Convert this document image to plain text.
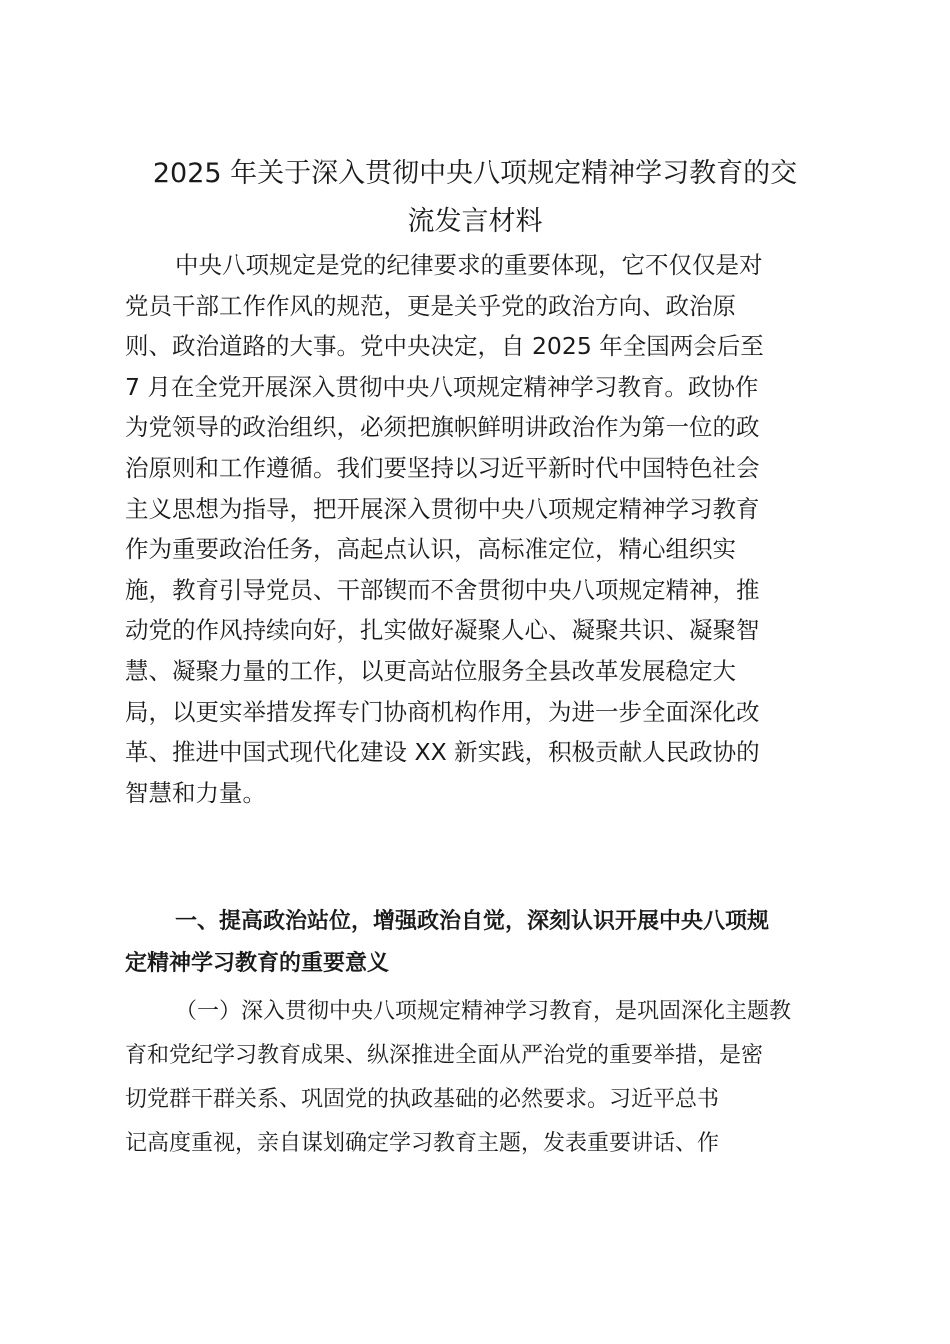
2025 年关于深入贯彻中央八项规定精神学习教育的交
流发言材料

中央八项规定是党的纪律要求的重要体现，它不仅仅是对
党员干部工作作风的规范，更是关乎党的政治方向、政治原
则、政治道路的大事。党中央决定，自 2025 年全国两会后至
7 月在全党开展深入贯彻中央八项规定精神学习教育。政协作
为党领导的政治组织，必须把旗帜鲜明讲政治作为第一位的政
治原则和工作遵循。我们要坚持以习近平新时代中国特色社会
主义思想为指导，把开展深入贯彻中央八项规定精神学习教育
作为重要政治任务，高起点认识，高标准定位，精心组织实
施，教育引导党员、干部锲而不舍贯彻中央八项规定精神，推
动党的作风持续向好，扎实做好凝聚人心、凝聚共识、凝聚智
慧、凝聚力量的工作，以更高站位服务全县改革发展稳定大
局，以更实举措发挥专门协商机构作用，为进一步全面深化改
革、推进中国式现代化建设 XX 新实践，积极贡献人民政协的
智慧和力量。

一、提高政治站位，增强政治自觉，深刻认识开展中央八项规
定精神学习教育的重要意义

（一）深入贯彻中央八项规定精神学习教育，是巩固深化主题教
育和党纪学习教育成果、纵深推进全面从严治党的重要举措，是密
切党群干群关系、巩固党的执政基础的必然要求。习近平总书
记高度重视，亲自谋划确定学习教育主题，发表重要讲话、作
